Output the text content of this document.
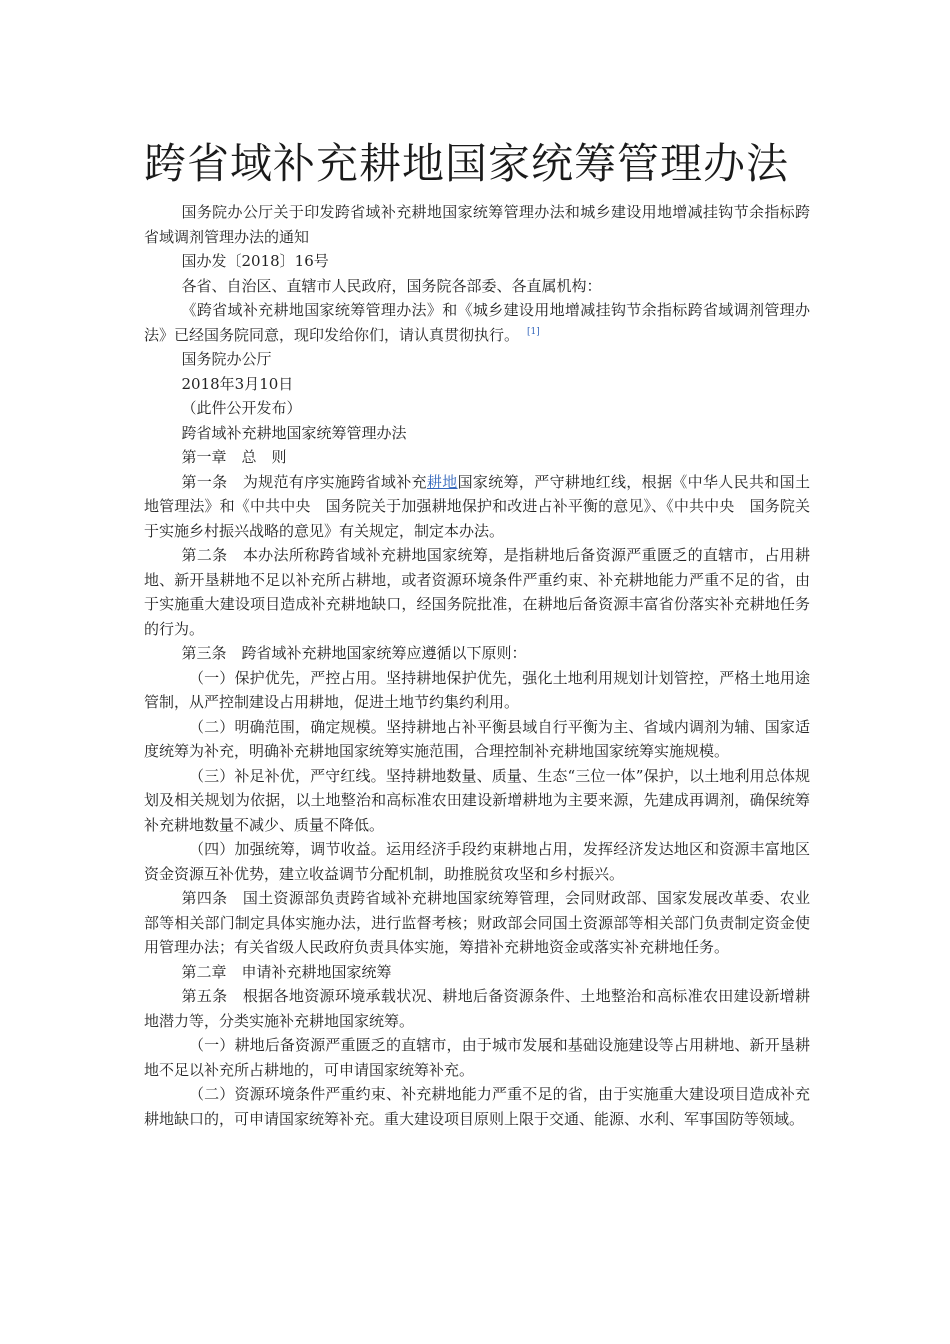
跨省域补充耕地国家统筹管理办法

国务院办公厅关于印发跨省域补充耕地国家统筹管理办法和城乡建设用地增减挂钩节余指标跨省域调剂管理办法的通知

国办发〔2018〕16号

各省、自治区、直辖市人民政府，国务院各部委、各直属机构：

《跨省域补充耕地国家统筹管理办法》和《城乡建设用地增减挂钩节余指标跨省域调剂管理办法》已经国务院同意，现印发给你们，请认真贯彻执行。 [1]

国务院办公厅

2018年3月10日

（此件公开发布）

跨省域补充耕地国家统筹管理办法

第一章　总　则

第一条　为规范有序实施跨省域补充耕地国家统筹，严守耕地红线，根据《中华人民共和国土地管理法》和《中共中央　国务院关于加强耕地保护和改进占补平衡的意见》、《中共中央　国务院关于实施乡村振兴战略的意见》有关规定，制定本办法。

第二条　本办法所称跨省域补充耕地国家统筹，是指耕地后备资源严重匮乏的直辖市，占用耕地、新开垦耕地不足以补充所占耕地，或者资源环境条件严重约束、补充耕地能力严重不足的省，由于实施重大建设项目造成补充耕地缺口，经国务院批准，在耕地后备资源丰富省份落实补充耕地任务的行为。

第三条　跨省域补充耕地国家统筹应遵循以下原则：

（一）保护优先，严控占用。坚持耕地保护优先，强化土地利用规划计划管控，严格土地用途管制，从严控制建设占用耕地，促进土地节约集约利用。

（二）明确范围，确定规模。坚持耕地占补平衡县域自行平衡为主、省域内调剂为辅、国家适度统筹为补充，明确补充耕地国家统筹实施范围，合理控制补充耕地国家统筹实施规模。

（三）补足补优，严守红线。坚持耕地数量、质量、生态“三位一体”保护，以土地利用总体规划及相关规划为依据，以土地整治和高标准农田建设新增耕地为主要来源，先建成再调剂，确保统筹补充耕地数量不减少、质量不降低。

（四）加强统筹，调节收益。运用经济手段约束耕地占用，发挥经济发达地区和资源丰富地区资金资源互补优势，建立收益调节分配机制，助推脱贫攻坚和乡村振兴。

第四条　国土资源部负责跨省域补充耕地国家统筹管理，会同财政部、国家发展改革委、农业部等相关部门制定具体实施办法，进行监督考核；财政部会同国土资源部等相关部门负责制定资金使用管理办法；有关省级人民政府负责具体实施，筹措补充耕地资金或落实补充耕地任务。

第二章　申请补充耕地国家统筹

第五条　根据各地资源环境承载状况、耕地后备资源条件、土地整治和高标准农田建设新增耕地潜力等，分类实施补充耕地国家统筹。

（一）耕地后备资源严重匮乏的直辖市，由于城市发展和基础设施建设等占用耕地、新开垦耕地不足以补充所占耕地的，可申请国家统筹补充。

（二）资源环境条件严重约束、补充耕地能力严重不足的省，由于实施重大建设项目造成补充耕地缺口的，可申请国家统筹补充。重大建设项目原则上限于交通、能源、水利、军事国防等领域。
